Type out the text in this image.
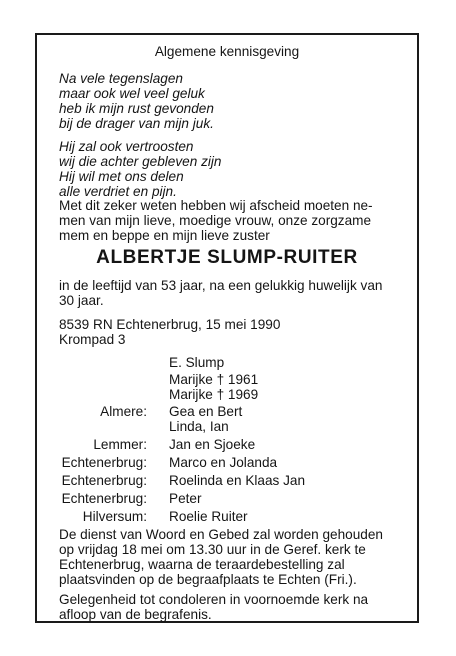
Algemene kennisgeving
Na vele tegenslagen
maar ook wel veel geluk
heb ik mijn rust gevonden
bij de drager van mijn juk.
Hij zal ook vertroosten
wij die achter gebleven zijn
Hij wil met ons delen
alle verdriet en pijn.
Met dit zeker weten hebben wij afscheid moeten ne-
men van mijn lieve, moedige vrouw, onze zorgzame
mem en beppe en mijn lieve zuster
ALBERTJE SLUMP-RUITER
in de leeftijd van 53 jaar, na een gelukkig huwelijk van
30 jaar.
8539 RN Echtenerbrug, 15 mei 1990
Krompad 3
E. Slump
Marijke † 1961
Marijke † 1969
Almere: Gea en Bert
Linda, Ian
Lemmer: Jan en Sjoeke
Echtenerbrug: Marco en Jolanda
Echtenerbrug: Roelinda en Klaas Jan
Echtenerbrug: Peter
Hilversum: Roelie Ruiter
De dienst van Woord en Gebed zal worden gehouden
op vrijdag 18 mei om 13.30 uur in de Geref. kerk te
Echtenerbrug, waarna de teraardebestelling zal
plaatsvinden op de begraafplaats te Echten (Fri.).
Gelegenheid tot condoleren in voornoemde kerk na
afloop van de begrafenis.
